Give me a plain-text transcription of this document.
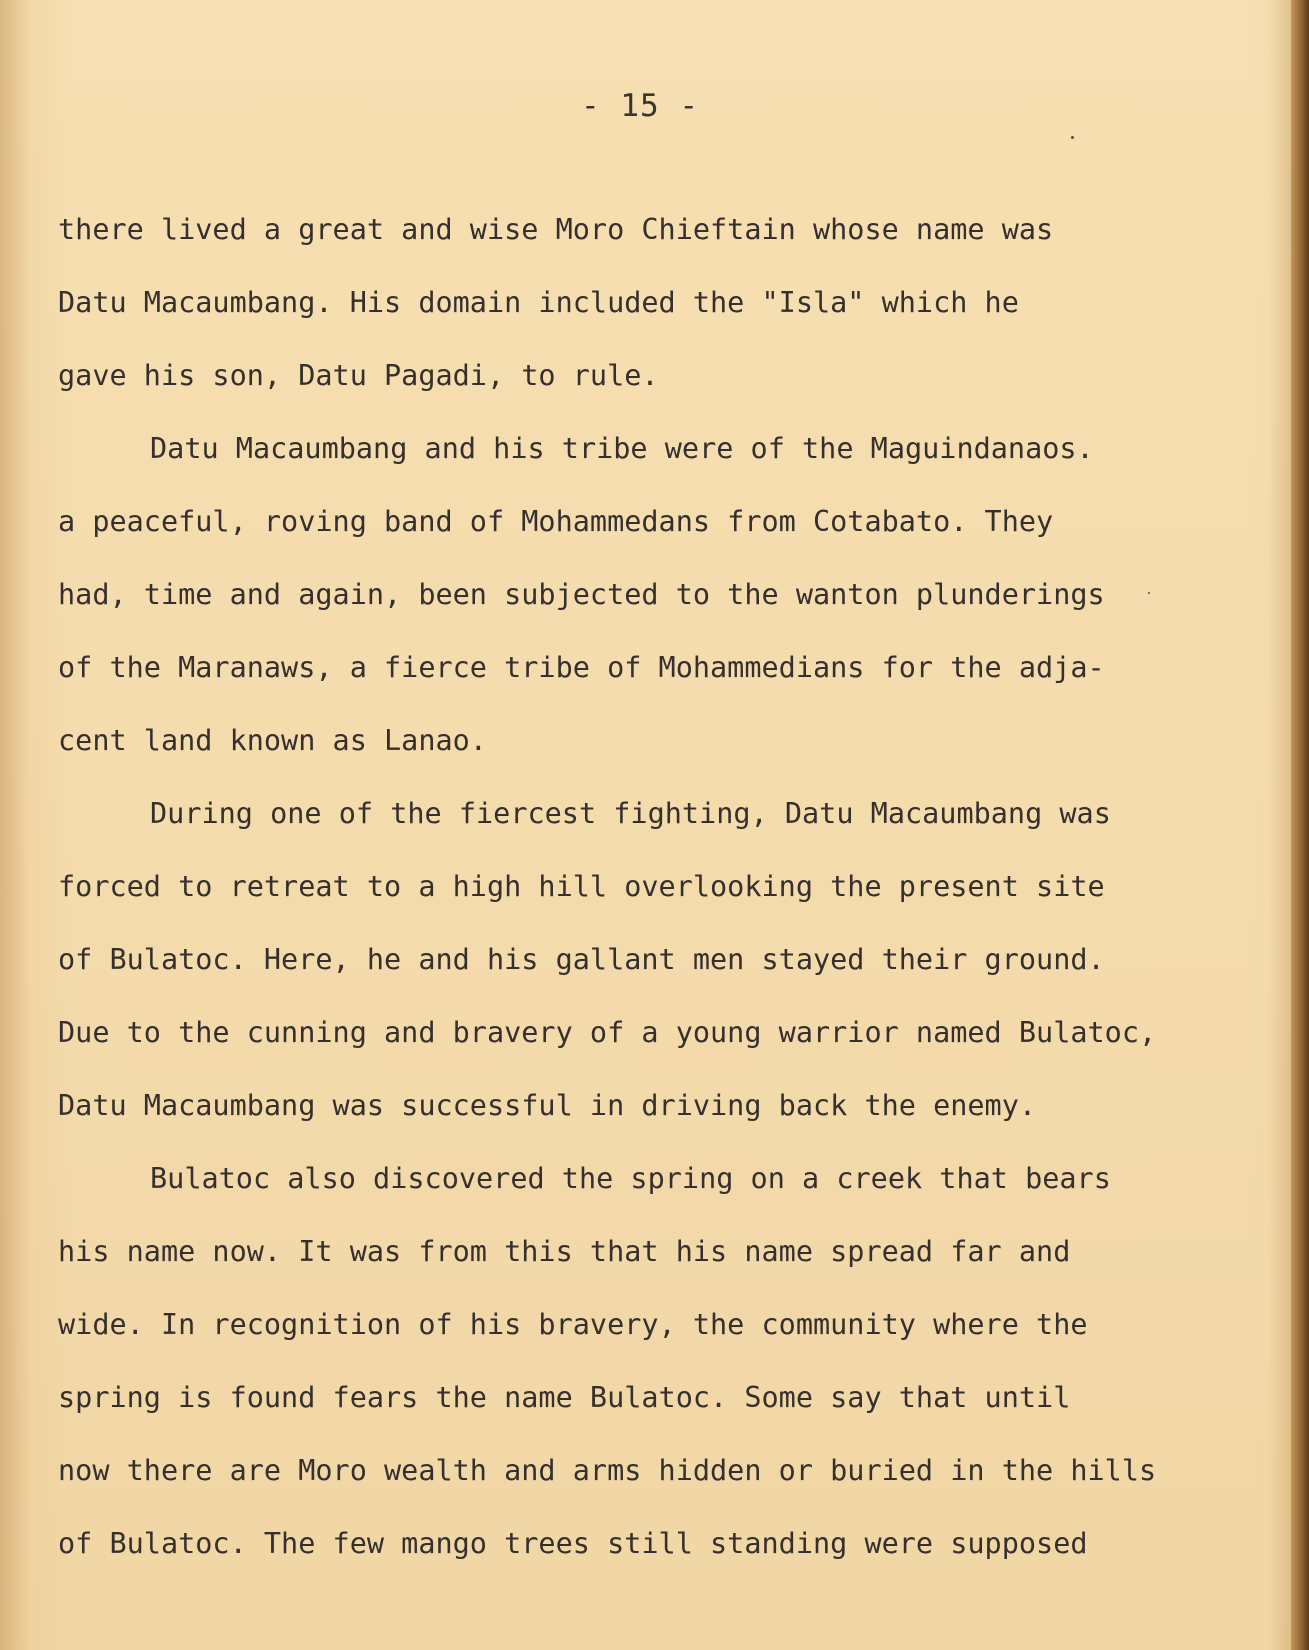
- 15 -
there lived a great and wise Moro Chieftain whose name was
Datu Macaumbang. His domain included the "Isla" which he
gave his son, Datu Pagadi, to rule.
Datu Macaumbang and his tribe were of the Maguindanaos.
a peaceful, roving band of Mohammedans from Cotabato. They
had, time and again, been subjected to the wanton plunderings
of the Maranaws, a fierce tribe of Mohammedians for the adja-
cent land known as Lanao.
During one of the fiercest fighting, Datu Macaumbang was
forced to retreat to a high hill overlooking the present site
of Bulatoc. Here, he and his gallant men stayed their ground.
Due to the cunning and bravery of a young warrior named Bulatoc,
Datu Macaumbang was successful in driving back the enemy.
Bulatoc also discovered the spring on a creek that bears
his name now. It was from this that his name spread far and
wide. In recognition of his bravery, the community where the
spring is found fears the name Bulatoc. Some say that until
now there are Moro wealth and arms hidden or buried in the hills
of Bulatoc. The few mango trees still standing were supposed
